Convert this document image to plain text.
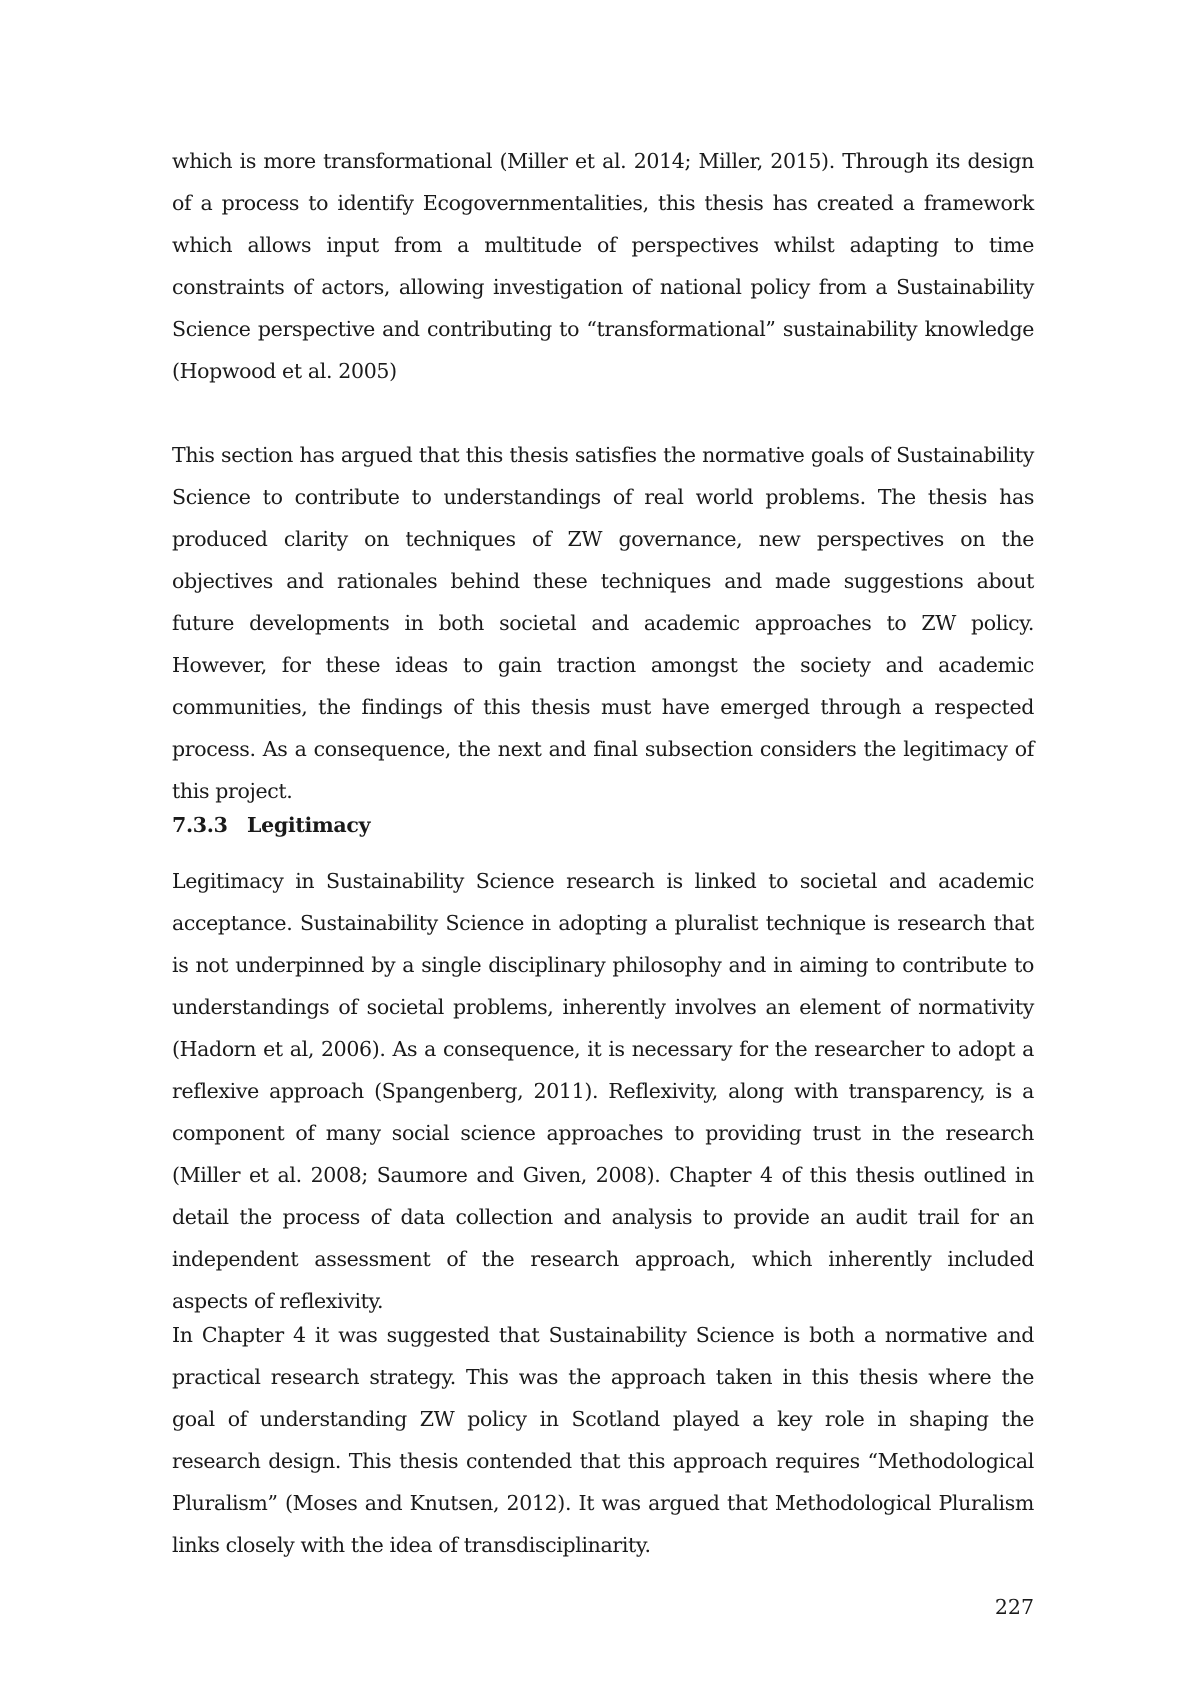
which is more transformational (Miller et al. 2014; Miller, 2015). Through its design of a process to identify Ecogovernmentalities, this thesis has created a framework which allows input from a multitude of perspectives whilst adapting to time constraints of actors, allowing investigation of national policy from a Sustainability Science perspective and contributing to “transformational” sustainability knowledge (Hopwood et al. 2005)

This section has argued that this thesis satisfies the normative goals of Sustainability Science to contribute to understandings of real world problems. The thesis has produced clarity on techniques of ZW governance, new perspectives on the objectives and rationales behind these techniques and made suggestions about future developments in both societal and academic approaches to ZW policy. However, for these ideas to gain traction amongst the society and academic communities, the findings of this thesis must have emerged through a respected process. As a consequence, the next and final subsection considers the legitimacy of this project.

7.3.3 Legitimacy

Legitimacy in Sustainability Science research is linked to societal and academic acceptance. Sustainability Science in adopting a pluralist technique is research that is not underpinned by a single disciplinary philosophy and in aiming to contribute to understandings of societal problems, inherently involves an element of normativity (Hadorn et al, 2006). As a consequence, it is necessary for the researcher to adopt a reflexive approach (Spangenberg, 2011). Reflexivity, along with transparency, is a component of many social science approaches to providing trust in the research (Miller et al. 2008; Saumore and Given, 2008). Chapter 4 of this thesis outlined in detail the process of data collection and analysis to provide an audit trail for an independent assessment of the research approach, which inherently included aspects of reflexivity.

In Chapter 4 it was suggested that Sustainability Science is both a normative and practical research strategy. This was the approach taken in this thesis where the goal of understanding ZW policy in Scotland played a key role in shaping the research design. This thesis contended that this approach requires “Methodological Pluralism” (Moses and Knutsen, 2012). It was argued that Methodological Pluralism links closely with the idea of transdisciplinarity.

227
